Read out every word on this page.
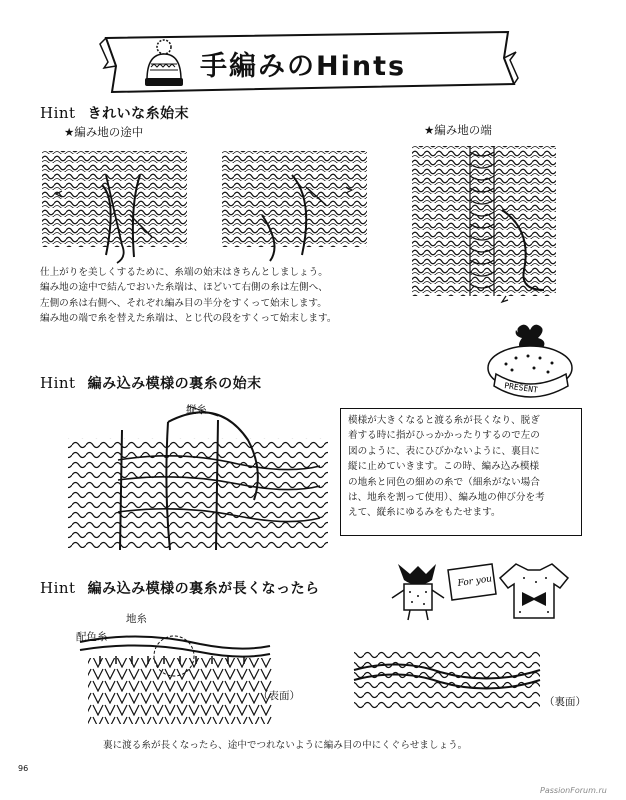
手編みのHints
Hint きれいな糸始末
★編み地の途中	★編み地の端
仕上がりを美しくするために、糸端の始末はきちんとしましょう。
編み地の途中で結んでおいた糸端は、ほどいて右側の糸は左側へ、
左側の糸は右側へ、それぞれ編み目の半分をすくって始末します。
編み地の端で糸を替えた糸端は、とじ代の段をすくって始末します。
Hint 編み込み模様の裏糸の始末	PRESENT
縦糸
模様が大きくなると渡る糸が長くなり、脱ぎ
着する時に指がひっかかったりするので左の
図のように、表にひびかないように、裏目に
縦に止めていきます。この時、編み込み模様
の地糸と同色の細めの糸で（細糸がない場合
は、地糸を割って使用）、編み地の伸び分を考
えて、縦糸にゆるみをもたせます。
Hint 編み込み模様の裏糸が長くなったら	For you
地糸
配色糸
（表面）	（裏面）
裏に渡る糸が長くなったら、途中でつれないように編み目の中にくぐらせましょう。
96
PassionForum.ru
